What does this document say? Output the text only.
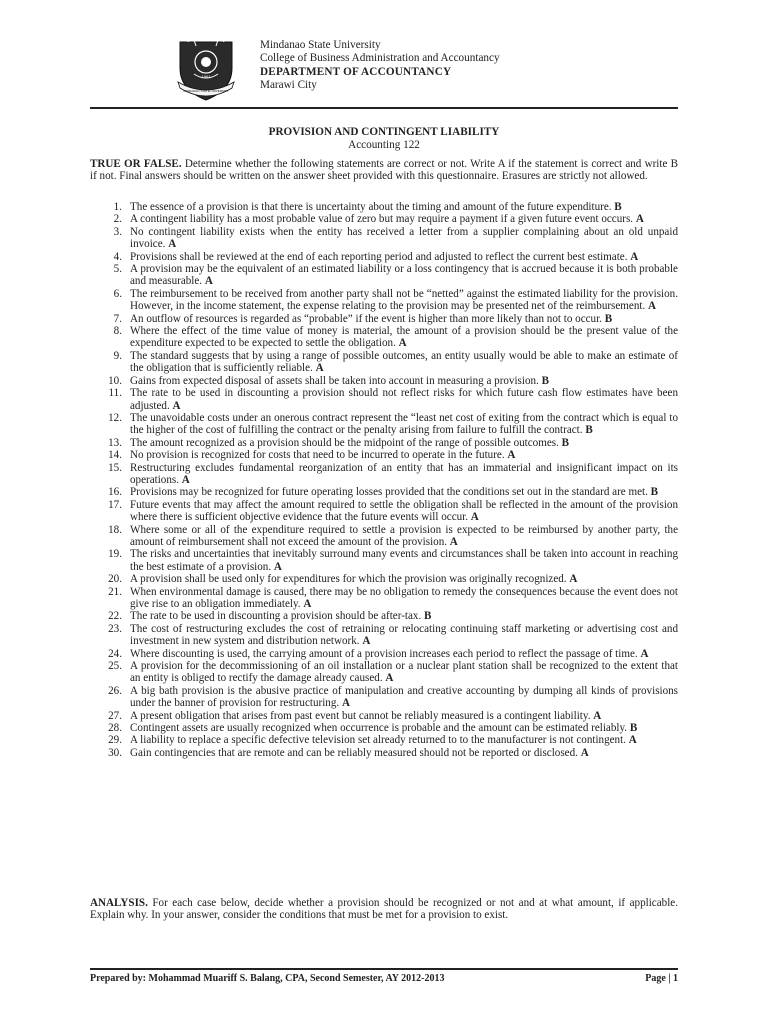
MINDANAO STATE UNIVERSITY
1961
Mindanao State University
College of Business Administration and Accountancy
DEPARTMENT OF ACCOUNTANCY
Marawi City
PROVISION AND CONTINGENT LIABILITY
Accounting 122
TRUE OR FALSE. Determine whether the following statements are correct or not. Write A if the statement is correct and write B if not. Final answers should be written on the answer sheet provided with this questionnaire. Erasures are strictly not allowed.
1. The essence of a provision is that there is uncertainty about the timing and amount of the future expenditure. B
2. A contingent liability has a most probable value of zero but may require a payment if a given future event occurs. A
3. No contingent liability exists when the entity has received a letter from a supplier complaining about an old unpaid invoice. A
4. Provisions shall be reviewed at the end of each reporting period and adjusted to reflect the current best estimate. A
5. A provision may be the equivalent of an estimated liability or a loss contingency that is accrued because it is both probable and measurable. A
6. The reimbursement to be received from another party shall not be “netted” against the estimated liability for the provision. However, in the income statement, the expense relating to the provision may be presented net of the reimbursement. A
7. An outflow of resources is regarded as “probable” if the event is higher than more likely than not to occur. B
8. Where the effect of the time value of money is material, the amount of a provision should be the present value of the expenditure expected to be expected to settle the obligation. A
9. The standard suggests that by using a range of possible outcomes, an entity usually would be able to make an estimate of the obligation that is sufficiently reliable. A
10. Gains from expected disposal of assets shall be taken into account in measuring a provision. B
11. The rate to be used in discounting a provision should not reflect risks for which future cash flow estimates have been adjusted. A
12. The unavoidable costs under an onerous contract represent the “least net cost of exiting from the contract which is equal to the higher of the cost of fulfilling the contract or the penalty arising from failure to fulfill the contract. B
13. The amount recognized as a provision should be the midpoint of the range of possible outcomes. B
14. No provision is recognized for costs that need to be incurred to operate in the future. A
15. Restructuring excludes fundamental reorganization of an entity that has an immaterial and insignificant impact on its operations. A
16. Provisions may be recognized for future operating losses provided that the conditions set out in the standard are met. B
17. Future events that may affect the amount required to settle the obligation shall be reflected in the amount of the provision where there is sufficient objective evidence that the future events will occur. A
18. Where some or all of the expenditure required to settle a provision is expected to be reimbursed by another party, the amount of reimbursement shall not exceed the amount of the provision. A
19. The risks and uncertainties that inevitably surround many events and circumstances shall be taken into account in reaching the best estimate of a provision. A
20. A provision shall be used only for expenditures for which the provision was originally recognized. A
21. When environmental damage is caused, there may be no obligation to remedy the consequences because the event does not give rise to an obligation immediately. A
22. The rate to be used in discounting a provision should be after-tax. B
23. The cost of restructuring excludes the cost of retraining or relocating continuing staff marketing or advertising cost and investment in new system and distribution network. A
24. Where discounting is used, the carrying amount of a provision increases each period to reflect the passage of time. A
25. A provision for the decommissioning of an oil installation or a nuclear plant station shall be recognized to the extent that an entity is obliged to rectify the damage already caused. A
26. A big bath provision is the abusive practice of manipulation and creative accounting by dumping all kinds of provisions under the banner of provision for restructuring. A
27. A present obligation that arises from past event but cannot be reliably measured is a contingent liability. A
28. Contingent assets are usually recognized when occurrence is probable and the amount can be estimated reliably. B
29. A liability to replace a specific defective television set already returned to to the manufacturer is not contingent. A
30. Gain contingencies that are remote and can be reliably measured should not be reported or disclosed. A
ANALYSIS. For each case below, decide whether a provision should be recognized or not and at what amount, if applicable. Explain why. In your answer, consider the conditions that must be met for a provision to exist.
Prepared by: Mohammad Muariff S. Balang, CPA, Second Semester, AY 2012-2013	Page | 1
